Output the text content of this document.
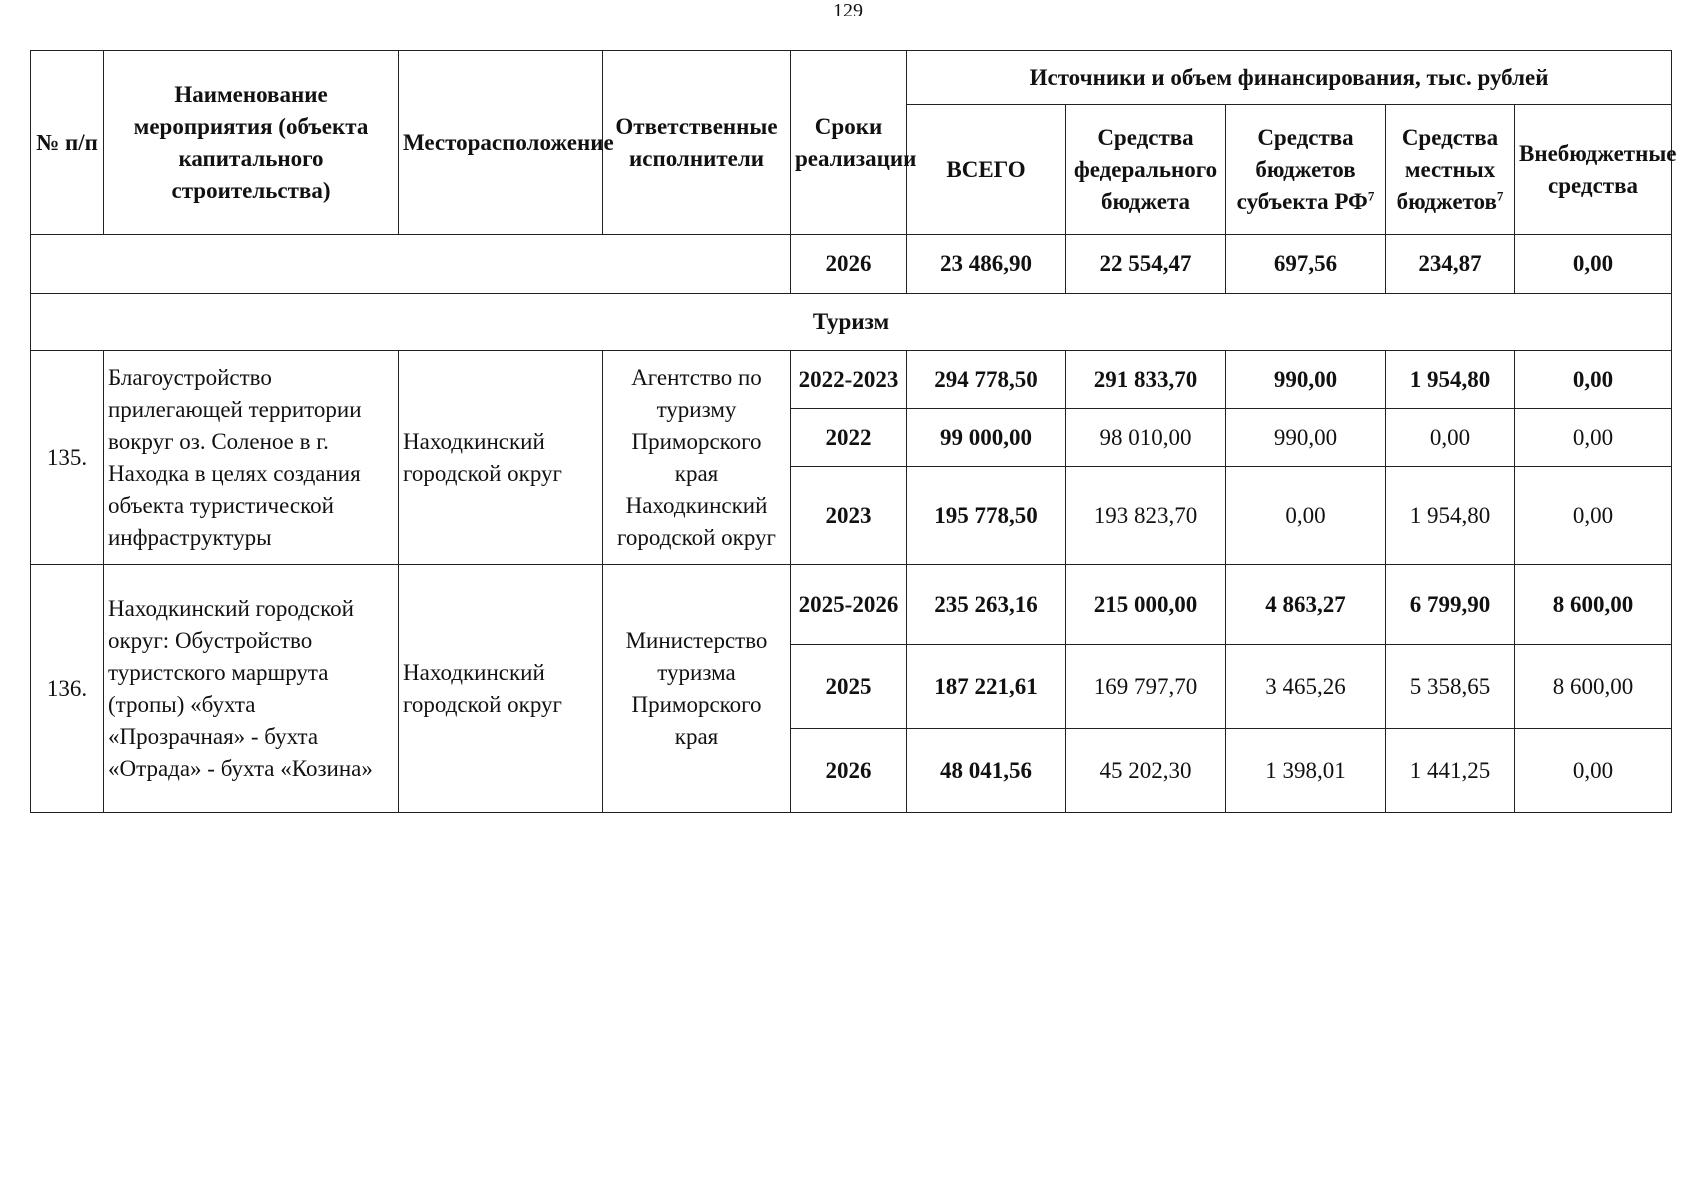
129
№ п/п	Наименование мероприятия (объекта капитального строительства)	Месторасположение	Ответственные исполнители	Сроки реализации	Источники и объем финансирования, тыс. рублей				
					ВСЕГО	Средства федерального бюджета	Средства бюджетов субъекта $РФ^7$	Средства местных бюджетов$^7$	Внебюджетные средства
				2026	23 486,90	22 554,47	697,56	234,87	0,00
Туризм									
135.	Благоустройство прилегающей территории вокруг оз. Соленое в г. Находка в целях создания объекта туристической инфраструктуры	Находкинский городской округ	Агентство по туризму Приморского края Находкинский городской округ	2022-2023	294 778,50	291 833,70	990,00	1 954,80	0,00
				2022	99 000,00	98 010,00	990,00	0,00	0,00
				2023	195 778,50	193 823,70	0,00	1 954,80	0,00
136.	Находкинский городской округ: Обустройство туристского маршрута (тропы) «бухта «Прозрачная» - бухта «Отрада» - бухта «Козина»	Находкинский городской округ	Министерство туризма Приморского края	2025-2026	235 263,16	215 000,00	4 863,27	6 799,90	8 600,00
				2025	187 221,61	169 797,70	3 465,26	5 358,65	8 600,00
				2026	48 041,56	45 202,30	1 398,01	1 441,25	0,00
